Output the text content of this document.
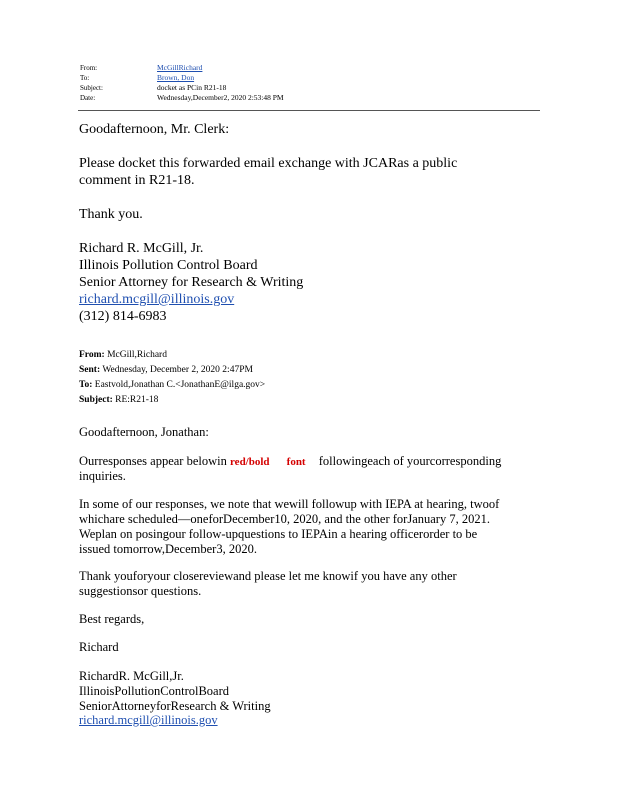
From:	McGillRichard
To:	Brown, Don
Subject:	docket as PCin R21-18
Date:	Wednesday,December2, 2020 2:53:48 PM
Goodafternoon, Mr. Clerk:
Please docket this forwarded email exchange with JCARas a public
comment in R21-18.
Thank you.
Richard R. McGill, Jr.
Illinois Pollution Control Board
Senior Attorney for Research & Writing
richard.mcgill@illinois.gov
(312) 814-6983
From: McGill,Richard
Sent: Wednesday, December 2, 2020 2:47PM
To: Eastvold,Jonathan C.<JonathanE@ilga.gov>
Subject: RE:R21-18
Goodafternoon, Jonathan:
Ourresponses appear belowin red/bold font followingeach of yourcorresponding
inquiries.
In some of our responses, we note that wewill followup with IEPA at hearing, twoof
whichare scheduled—oneforDecember10, 2020, and the other forJanuary 7, 2021.
Weplan on posingour follow-upquestions to IEPAin a hearing officerorder to be
issued tomorrow,December3, 2020.
Thank youforyour closereviewand please let me knowif you have any other
suggestionsor questions.
Best regards,
Richard
RichardR. McGill,Jr.
IllinoisPollutionControlBoard
SeniorAttorneyforResearch & Writing
richard.mcgill@illinois.gov
